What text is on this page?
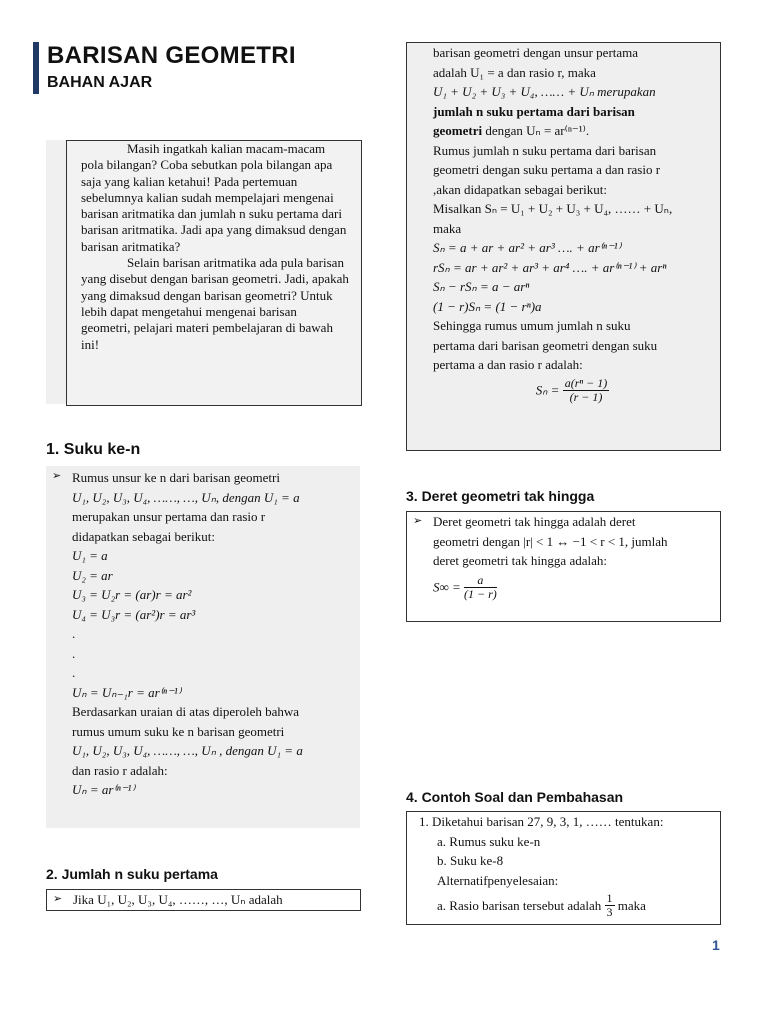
BARISAN GEOMETRI
BAHAN AJAR

Masih ingatkah kalian macam-macam pola bilangan? Coba sebutkan pola bilangan apa saja yang kalian ketahui! Pada pertemuan sebelumnya kalian sudah mempelajari mengenai barisan aritmatika dan jumlah n suku pertama dari barisan aritmatika. Jadi apa yang dimaksud dengan barisan aritmatika?

Selain barisan aritmatika ada pula barisan yang disebut dengan barisan geometri. Jadi, apakah yang dimaksud dengan barisan geometri? Untuk lebih dapat mengetahui mengenai barisan geometri, pelajari materi pembelajaran di bawah ini!

1. Suku ke-n
➢ Rumus unsur ke n dari barisan geometri
U₁, U₂, U₃, U₄, ……, …, Uₙ, dengan U₁ = a
merupakan unsur pertama dan rasio r
didapatkan sebagai berikut:
U₁ = a
U₂ = ar
U₃ = U₂r = (ar)r = ar²
U₄ = U₃r = (ar²)r = ar³
.
.
.
Uₙ = Uₙ₋₁r = ar⁽ⁿ⁻¹⁾
Berdasarkan uraian di atas diperoleh bahwa
rumus umum suku ke n barisan geometri
U₁, U₂, U₃, U₄, ……, …, Uₙ , dengan U₁ = a
dan rasio r adalah:
Uₙ = ar⁽ⁿ⁻¹⁾
2. Jumlah n suku pertama
➢ Jika U₁, U₂, U₃, U₄, ……, …, Uₙ adalah
barisan geometri dengan unsur pertama
adalah U₁ = a dan rasio r, maka
U₁ + U₂ + U₃ + U₄, …… + Uₙ merupakan
jumlah n suku pertama dari barisan
geometri dengan Uₙ = ar⁽ⁿ⁻¹⁾.
Rumus jumlah n suku pertama dari barisan
geometri dengan suku pertama a dan rasio r
,akan didapatkan sebagai berikut:
Misalkan Sₙ = U₁ + U₂ + U₃ + U₄, …… + Uₙ,
maka
Sₙ = a + ar + ar² + ar³ …. + ar⁽ⁿ⁻¹⁾
rSₙ = ar + ar² + ar³ + ar⁴ …. + ar⁽ⁿ⁻¹⁾ + arⁿ
Sₙ − rSₙ = a − arⁿ
(1 − r)Sₙ = (1 − rⁿ)a
Sehingga rumus umum jumlah n suku
pertama dari barisan geometri dengan suku
pertama a dan rasio r adalah:
$S_n = \frac{\text{a(rⁿ − 1)}}{(r - 1)}$
3. Deret geometri tak hingga
➢ Deret geometri tak hingga adalah deret
geometri dengan |r| < 1 ↔ −1 < r < 1, jumlah
deret geometri tak hingga adalah:
$S\infty = \frac{a}{(1 - r)}$
4. Contoh Soal dan Pembahasan
1. Diketahui barisan 27, 9, 3, 1, …… tentukan:
a. Rumus suku ke-n
b. Suku ke-8
Alternatifpenyelesaian:
a. Rasio barisan tersebut adalah $\frac{1}{3}$ maka
1
